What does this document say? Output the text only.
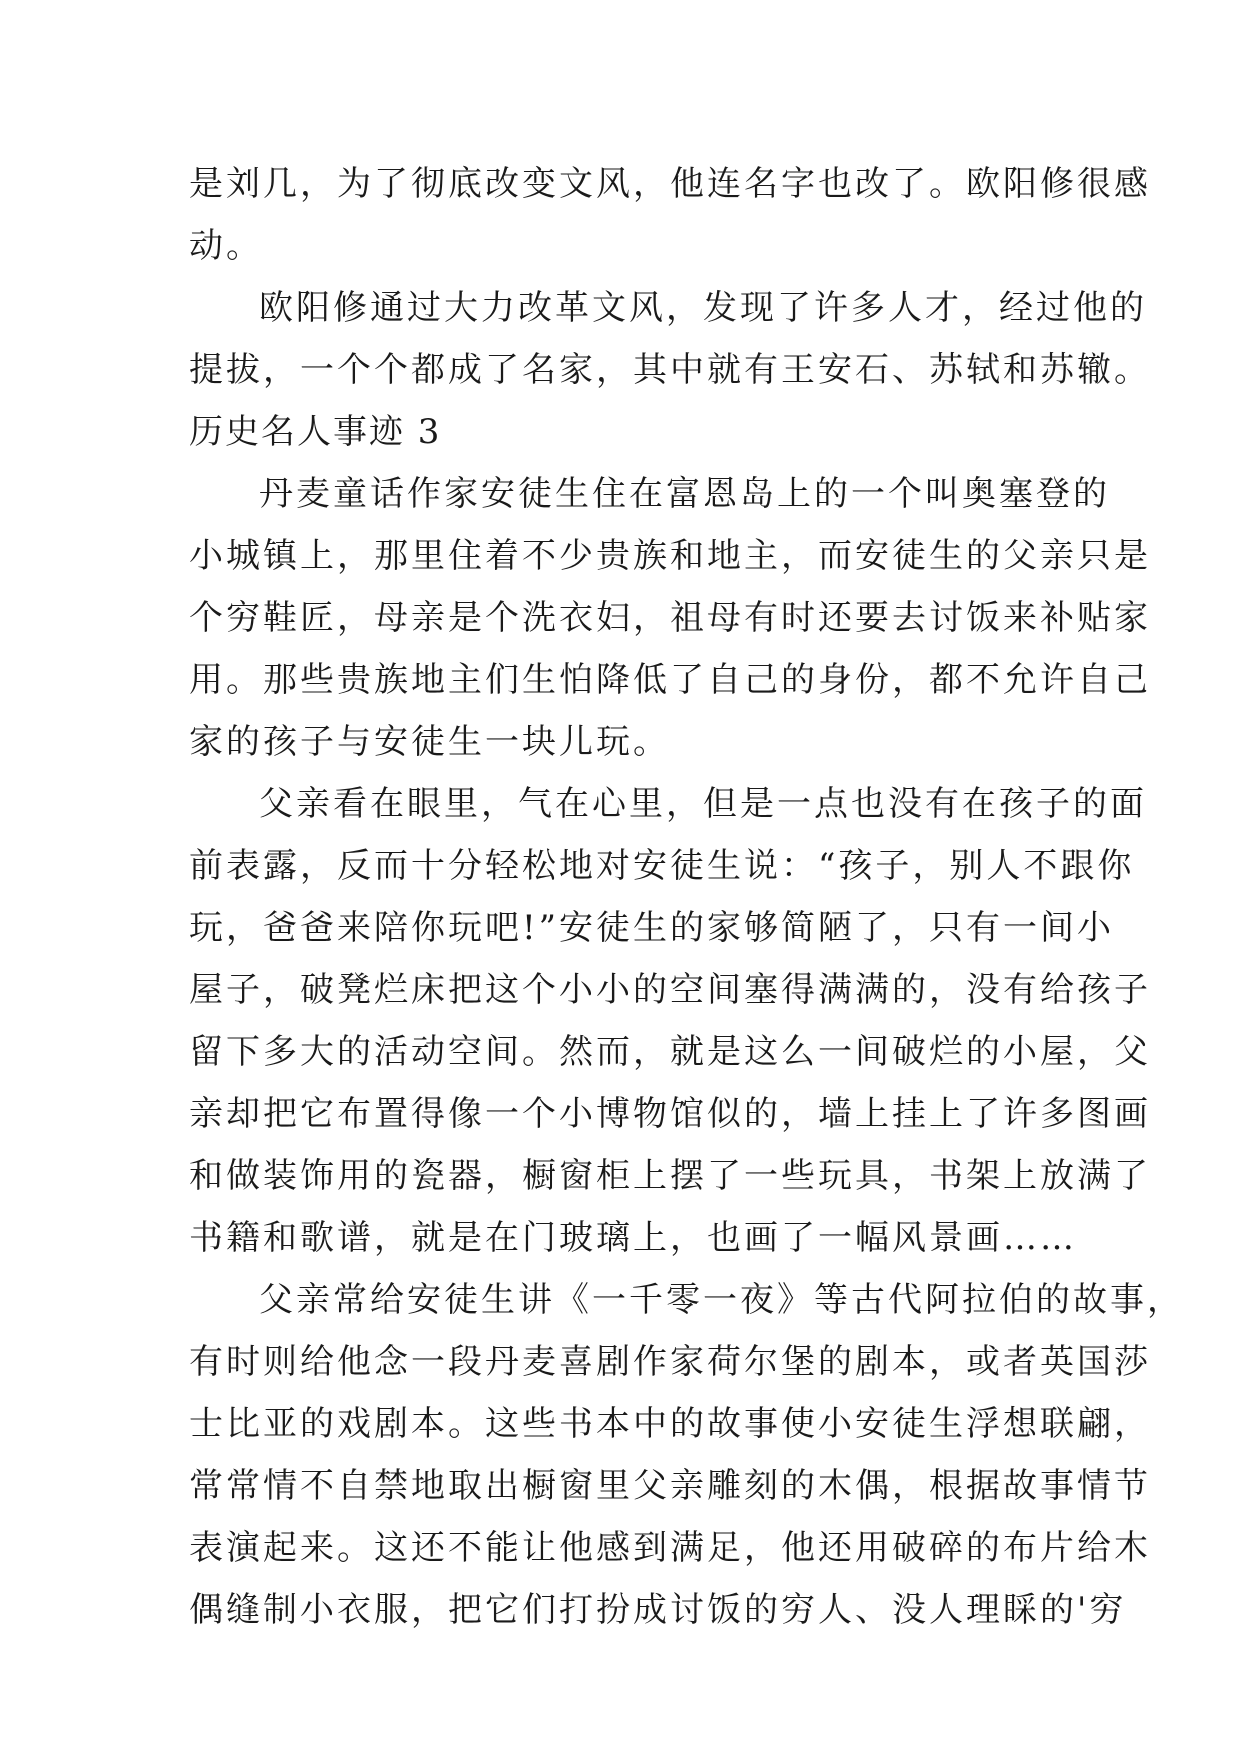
是刘几，为了彻底改变文风，他连名字也改了。欧阳修很感
动。

欧阳修通过大力改革文风，发现了许多人才，经过他的
提拔，一个个都成了名家，其中就有王安石、苏轼和苏辙。

历史名人事迹 3

丹麦童话作家安徒生住在富恩岛上的一个叫奥塞登的
小城镇上，那里住着不少贵族和地主，而安徒生的父亲只是
个穷鞋匠，母亲是个洗衣妇，祖母有时还要去讨饭来补贴家
用。那些贵族地主们生怕降低了自己的身份，都不允许自己
家的孩子与安徒生一块儿玩。

父亲看在眼里，气在心里，但是一点也没有在孩子的面
前表露，反而十分轻松地对安徒生说：“孩子，别人不跟你
玩，爸爸来陪你玩吧!”安徒生的家够简陋了，只有一间小
屋子，破凳烂床把这个小小的空间塞得满满的，没有给孩子
留下多大的活动空间。然而，就是这么一间破烂的小屋，父
亲却把它布置得像一个小博物馆似的，墙上挂上了许多图画
和做装饰用的瓷器，橱窗柜上摆了一些玩具，书架上放满了
书籍和歌谱，就是在门玻璃上，也画了一幅风景画……

父亲常给安徒生讲《一千零一夜》等古代阿拉伯的故事，
有时则给他念一段丹麦喜剧作家荷尔堡的剧本，或者英国莎
士比亚的戏剧本。这些书本中的故事使小安徒生浮想联翩，
常常情不自禁地取出橱窗里父亲雕刻的木偶，根据故事情节
表演起来。这还不能让他感到满足，他还用破碎的布片给木
偶缝制小衣服，把它们打扮成讨饭的穷人、没人理睬的'穷
